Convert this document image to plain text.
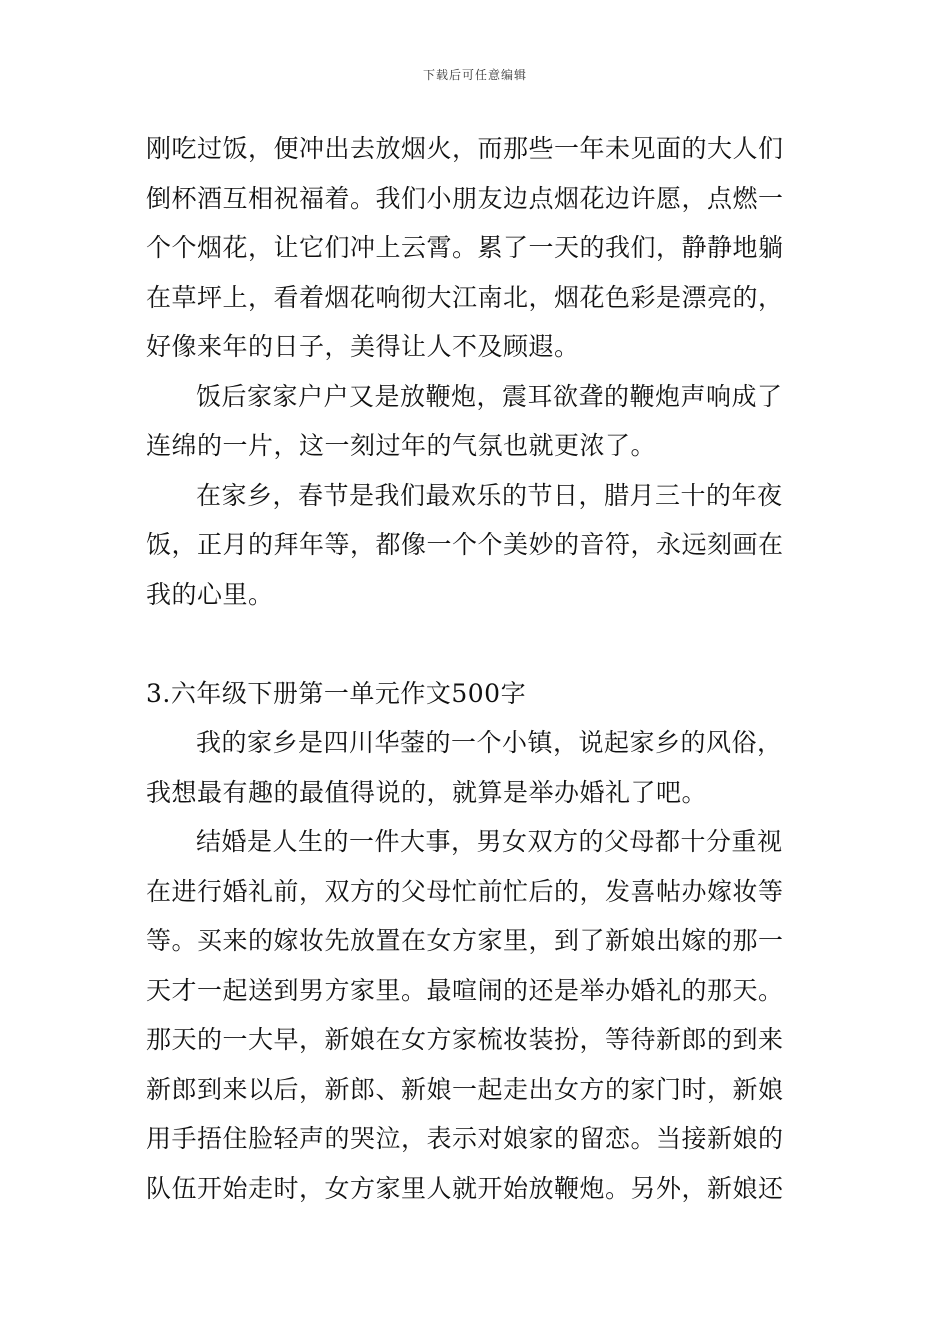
下载后可任意编辑
刚吃过饭，便冲出去放烟火，而那些一年未见面的大人们
倒杯酒互相祝福着。我们小朋友边点烟花边许愿，点燃一
个个烟花，让它们冲上云霄。累了一天的我们，静静地躺
在草坪上，看着烟花响彻大江南北，烟花色彩是漂亮的，
好像来年的日子，美得让人不及顾遐。
饭后家家户户又是放鞭炮，震耳欲聋的鞭炮声响成了
连绵的一片，这一刻过年的气氛也就更浓了。
在家乡，春节是我们最欢乐的节日，腊月三十的年夜
饭，正月的拜年等，都像一个个美妙的音符，永远刻画在
我的心里。
3.六年级下册第一单元作文500字
我的家乡是四川华蓥的一个小镇，说起家乡的风俗，
我想最有趣的最值得说的，就算是举办婚礼了吧。
结婚是人生的一件大事，男女双方的父母都十分重视
在进行婚礼前，双方的父母忙前忙后的，发喜帖办嫁妆等
等。买来的嫁妆先放置在女方家里，到了新娘出嫁的那一
天才一起送到男方家里。最喧闹的还是举办婚礼的那天。
那天的一大早，新娘在女方家梳妆装扮，等待新郎的到来
新郎到来以后，新郎、新娘一起走出女方的家门时，新娘
用手捂住脸轻声的哭泣，表示对娘家的留恋。当接新娘的
队伍开始走时，女方家里人就开始放鞭炮。另外，新娘还
